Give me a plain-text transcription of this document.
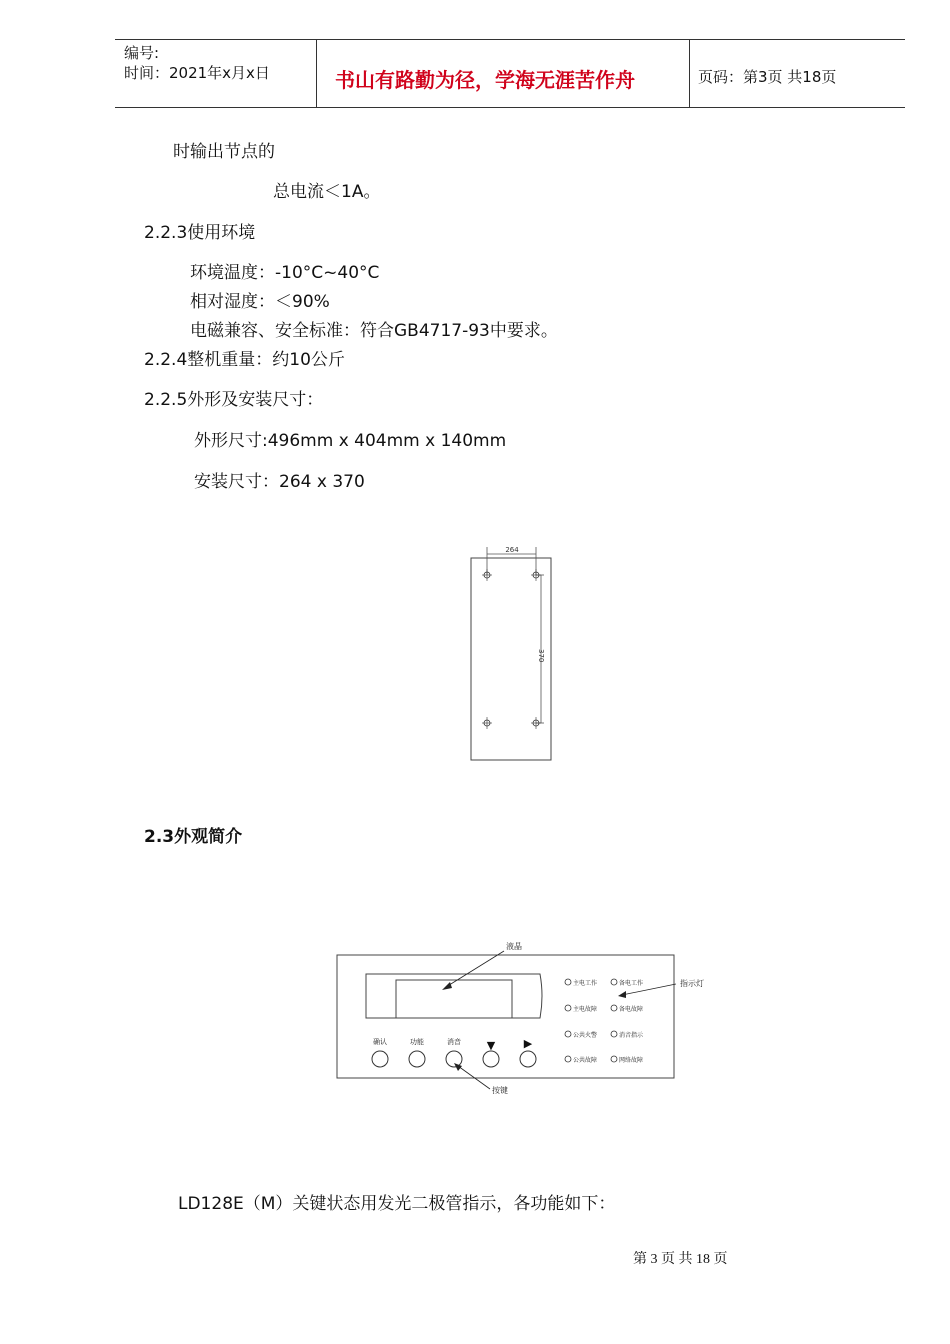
编号:
时间：2021年x月x日	书山有路勤为径，学海无涯苦作舟	页码：第3页 共18页
时输出节点的
总电流＜1A。
2.2.3使用环境
环境温度：-10°C~40°C
相对湿度：＜90%
电磁兼容、安全标准：符合GB4717-93中要求。
2.2.4整机重量：约10公斤
2.2.5外形及安装尺寸：
外形尺寸:496mm x 404mm x 140mm
安装尺寸：264 x 370
264
370
2.3外观简介
液晶
确认	功能	消音 ▼	▶
按键
主电工作	备电工作
主电故障	备电故障
公共火警	消音指示
公共故障	网络故障
指示灯
LD128E（M）关键状态用发光二极管指示，各功能如下：
第 3 页 共 18 页
